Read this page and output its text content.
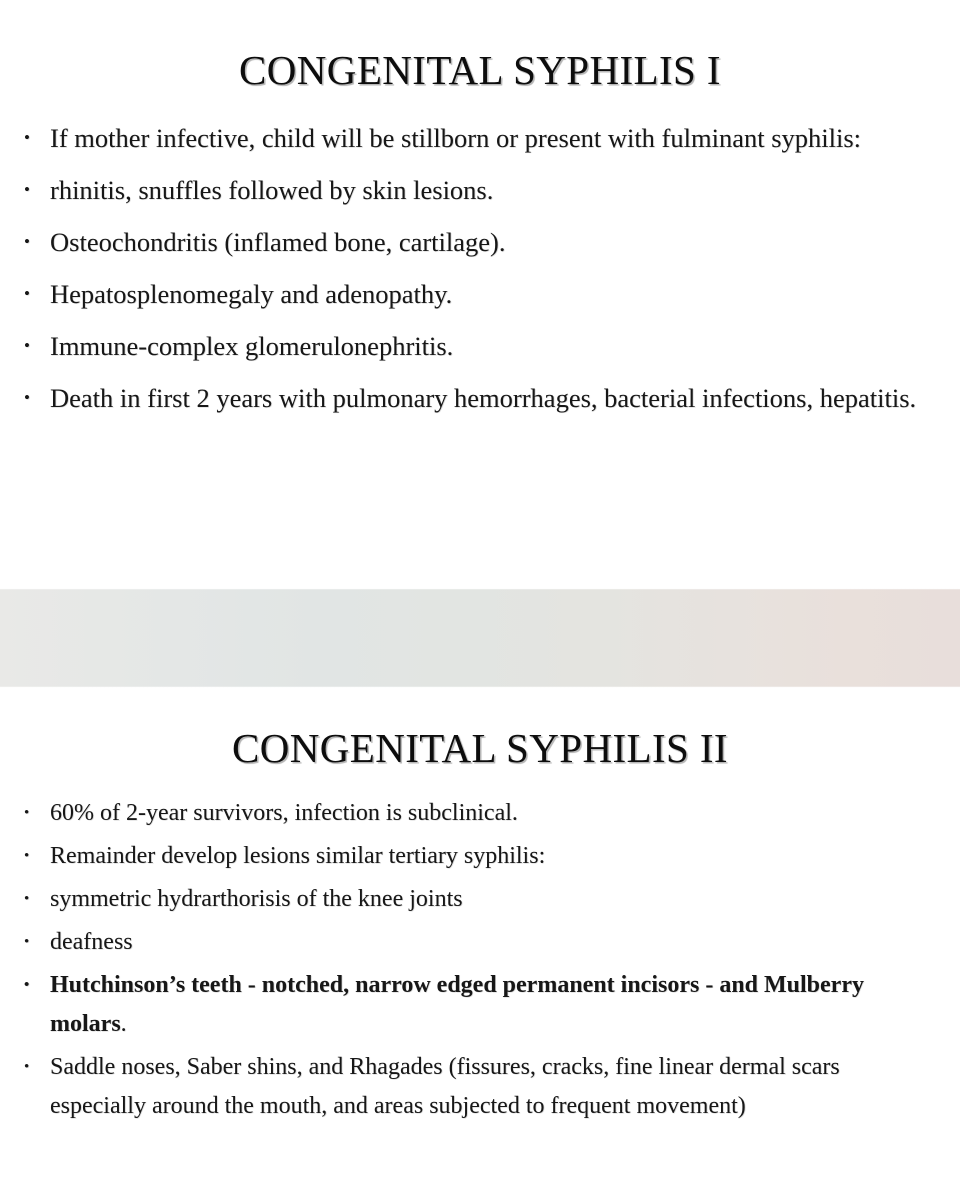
CONGENITAL SYPHILIS I
• If mother infective, child will be stillborn or present with fulminant syphilis:
• rhinitis, snuffles followed by skin lesions.
• Osteochondritis (inflamed bone, cartilage).
• Hepatosplenomegaly and adenopathy.
• Immune-complex glomerulonephritis.
• Death in first 2 years with pulmonary hemorrhages, bacterial infections, hepatitis.
CONGENITAL SYPHILIS II
• 60% of 2-year survivors, infection is subclinical.
• Remainder develop lesions similar tertiary syphilis:
• symmetric hydrarthorisis of the knee joints
• deafness
• Hutchinson’s teeth - notched, narrow edged permanent incisors - and Mulberry molars.
• Saddle noses, Saber shins, and Rhagades (fissures, cracks, fine linear dermal scars especially around the mouth, and areas subjected to frequent movement)
